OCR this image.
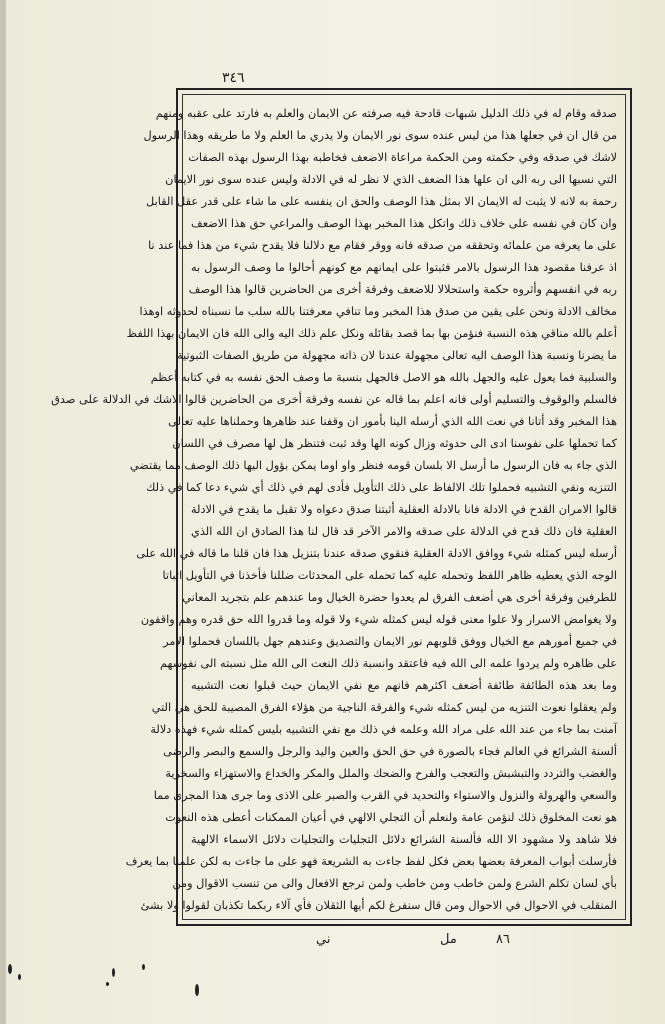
٣٤٦
صدقه وقام له في ذلك الدليل شبهات قادحة فيه صرفته عن الايمان والعلم به فارتد على عقبه ومنهم
من قال ان في جعلها هذا من ليس عنده سوى نور الايمان ولا يدري ما العلم ولا ما طريقه وهذا الرسول
لاشك في صدقه وفي حكمته ومن الحكمة مراعاة الاضعف فخاطبه بهذا الرسول بهذه الصفات
التي نسبها الى ربه الى ان علها هذا الضعف الذي لا نظر له في الادلة وليس عنده سوى نور الايمان
رحمة به لانه لا يثبت له الايمان الا بمثل هذا الوصف والحق ان ينفسه على ما شاء على قدر عقل القابل
وان كان في نفسه على خلاف ذلك واتكل هذا المخبر بهذا الوصف والمراعي حق هذا الاضعف
على ما يعرفه من علمائه وتحققه من صدقه فانه ووقر فقام مع دلالنا فلا يقدح شيء من هذا فما عند نا
اذ عرفنا مقصود هذا الرسول بالامر فثبتوا على ايمانهم مع كونهم أحالوا ما وصف الرسول به
ربه في انفسهم وأثروه حكمة واستحلالا للاضعف وفرقة أخرى من الحاضرين قالوا هذا الوصف
مخالف الادلة ونحن على يقين من صدق هذا المخبر وما تنافي معرفتنا بالله سلب ما نسبناه لحدوثه اوهذا
أعلم بالله مناقي هذه النسبة فنؤمن بها بما قصد بقائله ونكل علم ذلك اليه والى الله فان الايمان بهذا اللفظ
ما يضرنا ونسبة هذا الوصف اليه تعالى مجهولة عندنا لان ذاته مجهولة من طريق الصفات الثبوتية
والسلبية فما يعول عليه والجهل بالله هو الاصل فالجهل بنسبة ما وصف الحق نفسه به في كتابه أعظم
فالسلم والوقوف والتسليم أولى فانه اعلم بما قاله عن نفسه وفرقة أخرى من الحاضرين قالوا الاشك في الدلالة على صدق
هذا المخبر وقد أتانا في نعت الله الذي أرسله الينا بأمور ان وقفنا عند ظاهرها وحملناها عليه تعالى
كما تحملها على نفوسنا ادى الى حدوثه وزال كونه الها وقد ثبت فتنظر هل لها مصرف في اللسان
الذي جاء به فان الرسول ما أرسل الا بلسان قومه فنظر واو اوما يمكن بؤول اليها ذلك الوصف مما يقتضي
التنزيه ونفي التشبيه فحملوا تلك الالفاظ على ذلك التأويل فأدى لهم في ذلك أي شيء دعا كما في ذلك
قالوا الامران القدح في الادلة فانا بالادلة العقلية أثبتنا صدق دعواه ولا تقبل ما يقدح في الادلة
العقلية فان ذلك قدح في الدلالة على صدقه والامر الآخر قد قال لنا هذا الصادق ان الله الذي
أرسله ليس كمثله شيء ووافق الادلة العقلية فنقوي صدقه عندنا بتنزيل هذا فان قلنا ما قاله في الله على
الوجه الذي يعطيه ظاهر اللفظ وتحمله عليه كما تحمله على المحدثات ضللنا فأخذنا في التأويل اثباتا
للطرفين وفرقة أخرى هي أضعف الفرق لم يعدوا حضرة الخيال وما عندهم علم بتجريد المعاني
ولا يغوامض الاسرار ولا علوا معنى قوله ليس كمثله شيء ولا قوله وما قدروا الله حق قدره وهم واقفون
في جميع أمورهم مع الخيال ووفق قلوبهم نور الايمان والتصديق وعندهم جهل باللسان فحملوا الامر
على ظاهره ولم يردوا علمه الى الله فيه فاعتقد وانسبة ذلك النعت الى الله مثل نسبته الى نفوسهم
وما بعد هذه الطائفة طائفة أضعف اكثرهم فانهم مع نفي الايمان حيث قبلوا نعت التشبيه
ولم يعقلوا نعوت التنزيه من ليس كمثله شيء والفرقة الناجية من هؤلاء الفرق المصيبة للحق هي التي
آمنت بما جاء من عند الله على مراد الله وعلمه في ذلك مع نفي التشبيه بليس كمثله شيء فهذه دلالة
ألسنة الشرائع في العالم فجاء بالصورة في حق الحق والعين واليد والرجل والسمع والبصر والرضى
والغضب والتردد والتبشبش والتعجب والفرح والضحك والملل والمكر والخداع والاستهزاء والسخرية
والسعي والهرولة والنزول والاستواء والتحديد في القرب والصبر على الاذى وما جرى هذا المجرى مما
هو نعت المخلوق ذلك لنؤمن عامة ولنعلم أن التجلي الالهي في أعيان الممكنات أعطى هذه النعوت
فلا شاهد ولا مشهود الا الله فألسنة الشرائع دلائل التجليات والتجليات دلائل الاسماء الالهية
فأرسلت أبواب المعرفة بعضها بعض فكل لفظ جاءت به الشريعة فهو على ما جاءت به لكن علمنا بما يعرف
بأي لسان تكلم الشرع ولمن خاطب ومن خاطب ولمن ترجع الافعال والى من تنسب الاقوال ومن
المنقلب في الاحوال في الاحوال ومن قال سنفرغ لكم أيها الثقلان فأي آلاء ربكما تكذبان لقولوا ولا بشئ
٨٦
مل
ني
